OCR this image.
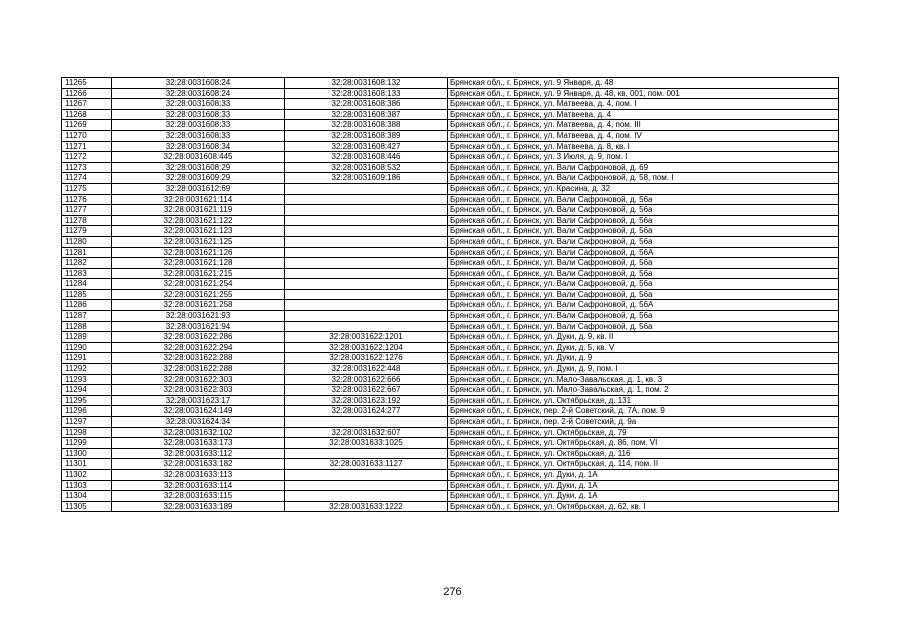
11265	32:28:0031608:24	32:28:0031608:132	Брянская обл., г. Брянск, ул. 9 Января, д. 48
11266	32:28:0031608:24	32:28:0031608:133	Брянская обл., г. Брянск, ул. 9 Января, д. 48, кв. 001, пом. 001
11267	32:28:0031608:33	32:28:0031608:386	Брянская обл., г. Брянск, ул. Матвеева, д. 4, пом. I
11268	32:28:0031608:33	32:28:0031608:387	Брянская обл., г. Брянск, ул. Матвеева, д. 4
11269	32:28:0031608:33	32:28:0031608:388	Брянская обл., г. Брянск, ул. Матвеева, д. 4, пом. III
11270	32:28:0031608:33	32:28:0031608:389	Брянская обл., г. Брянск, ул. Матвеева, д. 4, пом. IV
11271	32:28:0031608:34	32:28:0031608:427	Брянская обл., г. Брянск, ул. Матвеева, д. 8, кв. I
11272	32:28:0031608:445	32:28:0031608:446	Брянская обл., г. Брянск, ул. 3 Июля, д. 9, пом. I
11273	32:28:0031608:29	32:28:0031608:532	Брянская обл., г. Брянск, ул. Вали Сафроновой, д. 69
11274	32:28:0031609:29	32:28:0031609:186	Брянская обл., г. Брянск, ул. Вали Сафроновой, д. 58, пом. I
11275	32:28:0031612:69		Брянская обл., г. Брянск, ул. Красина, д. 32
11276	32:28:0031621:114		Брянская обл., г. Брянск, ул. Вали Сафроновой, д. 56а
11277	32:28:0031621:119		Брянская обл., г. Брянск, ул. Вали Сафроновой, д. 56а
11278	32:28:0031621:122		Брянская обл., г. Брянск, ул. Вали Сафроновой, д. 56а
11279	32:28:0031621:123		Брянская обл., г. Брянск, ул. Вали Сафроновой, д. 56а
11280	32:28:0031621:125		Брянская обл., г. Брянск, ул. Вали Сафроновой, д. 56а
11281	32:28:0031621:126		Брянская обл., г. Брянск, ул. Вали Сафроновой, д. 56А
11282	32:28:0031621:128		Брянская обл., г. Брянск, ул. Вали Сафроновой, д. 56а
11283	32:28:0031621:215		Брянская обл., г. Брянск, ул. Вали Сафроновой, д. 56а
11284	32:28:0031621:254		Брянская обл., г. Брянск, ул. Вали Сафроновой, д. 56а
11285	32:28:0031621:255		Брянская обл., г. Брянск, ул. Вали Сафроновой, д. 56а
11286	32:28:0031621:258		Брянская обл., г. Брянск, ул. Вали Сафроновой, д. 56А
11287	32:28:0031621:93		Брянская обл., г. Брянск, ул. Вали Сафроновой, д. 56а
11288	32:28:0031621:94		Брянская обл., г. Брянск, ул. Вали Сафроновой, д. 56а
11289	32:28:0031622:286	32:28:0031622:1201	Брянская обл., г. Брянск, ул. Дуки, д. 9, кв. II
11290	32:28:0031622:294	32:28:0031622:1204	Брянская обл., г. Брянск, ул. Дуки, д. 5, кв. V
11291	32:28:0031622:288	32:28:0031622:1276	Брянская обл., г. Брянск, ул. Дуки, д. 9
11292	32:28:0031622:288	32:28:0031622:448	Брянская обл., г. Брянск, ул. Дуки, д. 9, пом. I
11293	32:28:0031622:303	32:28:0031622:666	Брянская обл., г. Брянск, ул. Мало-Завальская, д. 1, кв. 3
11294	32:28:0031622:303	32:28:0031622:667	Брянская обл., г. Брянск, ул. Мало-Завальская, д. 1, пом. 2
11295	32:28:0031623:17	32:28:0031623:192	Брянская обл., г. Брянск, ул. Октябрьская, д. 131
11296	32:28:0031624:149	32:28:0031624:277	Брянская обл., г. Брянск, пер. 2-й Советский, д. 7А, пом. 9
11297	32:28:0031624:34		Брянская обл., г. Брянск, пер. 2-й Советский, д. 9а
11298	32:28:0031632:102	32:28:0031632:607	Брянская обл., г. Брянск, ул. Октябрьская, д. 79
11299	32:28:0031633:173	32:28:0031633:1025	Брянская обл., г. Брянск, ул. Октябрьская, д. 86, пом. VI
11300	32:28:0031633:112		Брянская обл., г. Брянск, ул. Октябрьская, д. 116
11301	32:28:0031633:182	32:28:0031633:1127	Брянская обл., г. Брянск, ул. Октябрьская, д. 114, пом. II
11302	32:28:0031633:113		Брянская обл., г. Брянск, ул. Дуки, д. 1А
11303	32:28:0031633:114		Брянская обл., г. Брянск, ул. Дуки, д. 1А
11304	32:28:0031633:115		Брянская обл., г. Брянск, ул. Дуки, д. 1А
11305	32:28:0031633:189	32:28:0031633:1222	Брянская обл., г. Брянск, ул. Октябрьская, д. 62, кв. I
276
